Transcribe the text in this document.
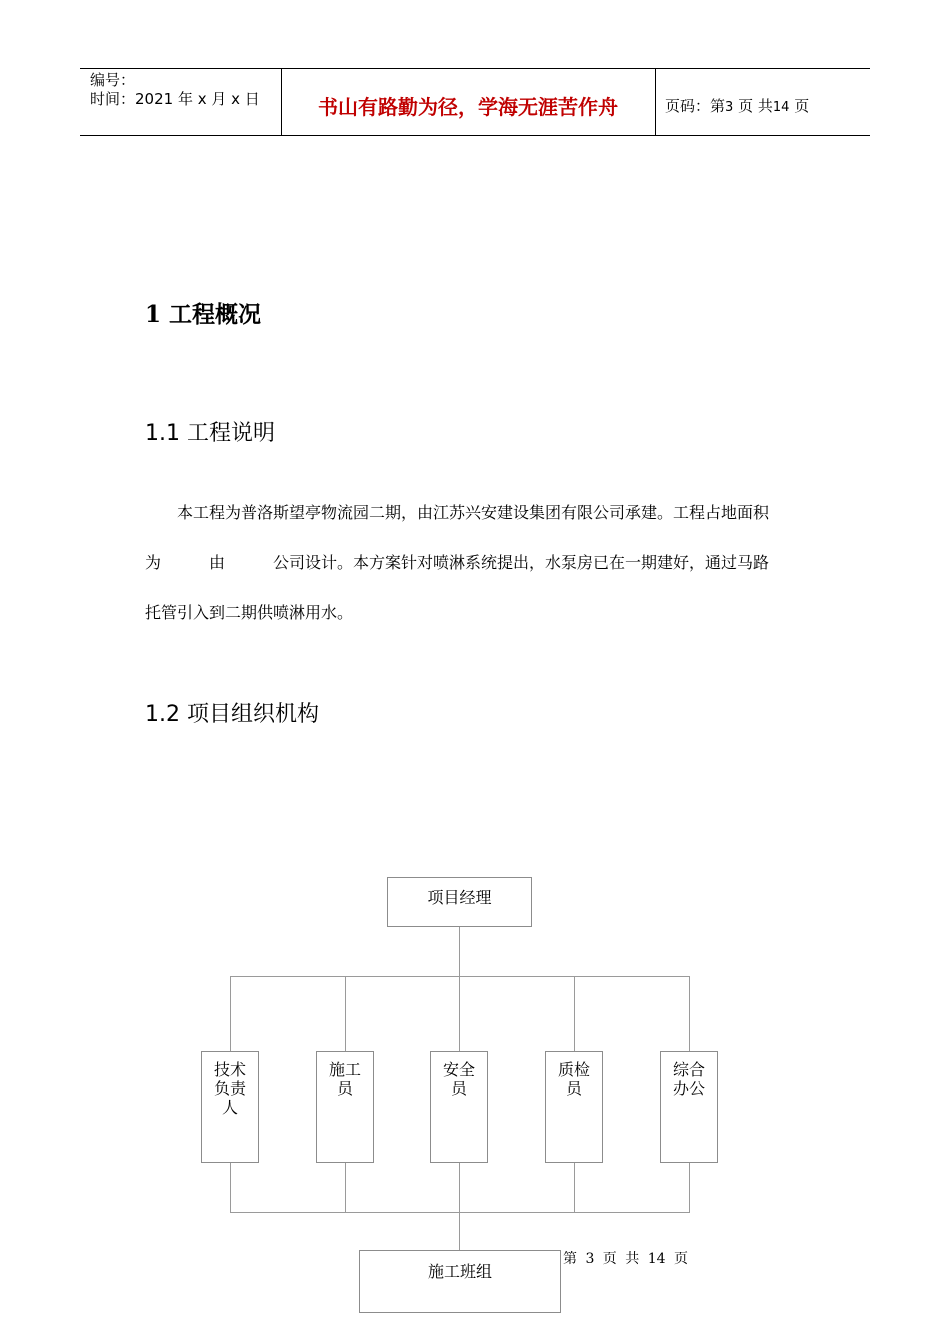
编号：
时间：2021 年 x 月 x 日	书山有路勤为径，学海无涯苦作舟	页码：第3 页 共14 页
1 工程概况
1.1 工程说明
本工程为普洛斯望亭物流园二期，由江苏兴安建设集团有限公司承建。工程占地面积
为　　　由　　　公司设计。本方案针对喷淋系统提出，水泵房已在一期建好，通过马路
托管引入到二期供喷淋用水。
1.2 项目组织机构
项目经理
技术
负责
人
施工
员
安全
员
质检
员
综合
办公
施工班组
第 3 页 共 14 页
